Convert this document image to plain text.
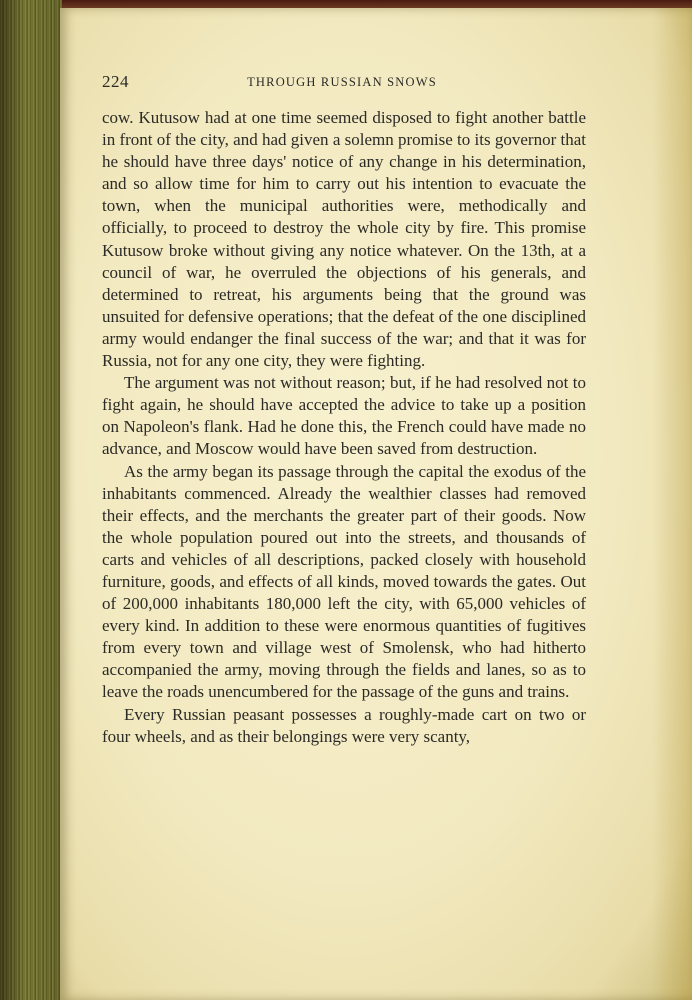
224	THROUGH RUSSIAN SNOWS

cow. Kutusow had at one time seemed disposed to fight another battle in front of the city, and had given a solemn promise to its governor that he should have three days' notice of any change in his determination, and so allow time for him to carry out his intention to evacuate the town, when the municipal authorities were, methodically and officially, to proceed to destroy the whole city by fire. This promise Kutusow broke without giving any notice whatever. On the 13th, at a council of war, he overruled the objections of his generals, and determined to retreat, his arguments being that the ground was unsuited for defensive operations; that the defeat of the one disciplined army would endanger the final success of the war; and that it was for Russia, not for any one city, they were fighting.

The argument was not without reason; but, if he had resolved not to fight again, he should have accepted the advice to take up a position on Napoleon's flank. Had he done this, the French could have made no advance, and Moscow would have been saved from destruction.

As the army began its passage through the capital the exodus of the inhabitants commenced. Already the wealthier classes had removed their effects, and the merchants the greater part of their goods. Now the whole population poured out into the streets, and thousands of carts and vehicles of all descriptions, packed closely with household furniture, goods, and effects of all kinds, moved towards the gates. Out of 200,000 inhabitants 180,000 left the city, with 65,000 vehicles of every kind. In addition to these were enormous quantities of fugitives from every town and village west of Smolensk, who had hitherto accompanied the army, moving through the fields and lanes, so as to leave the roads unencumbered for the passage of the guns and trains.

Every Russian peasant possesses a roughly-made cart on two or four wheels, and as their belongings were very scanty,
